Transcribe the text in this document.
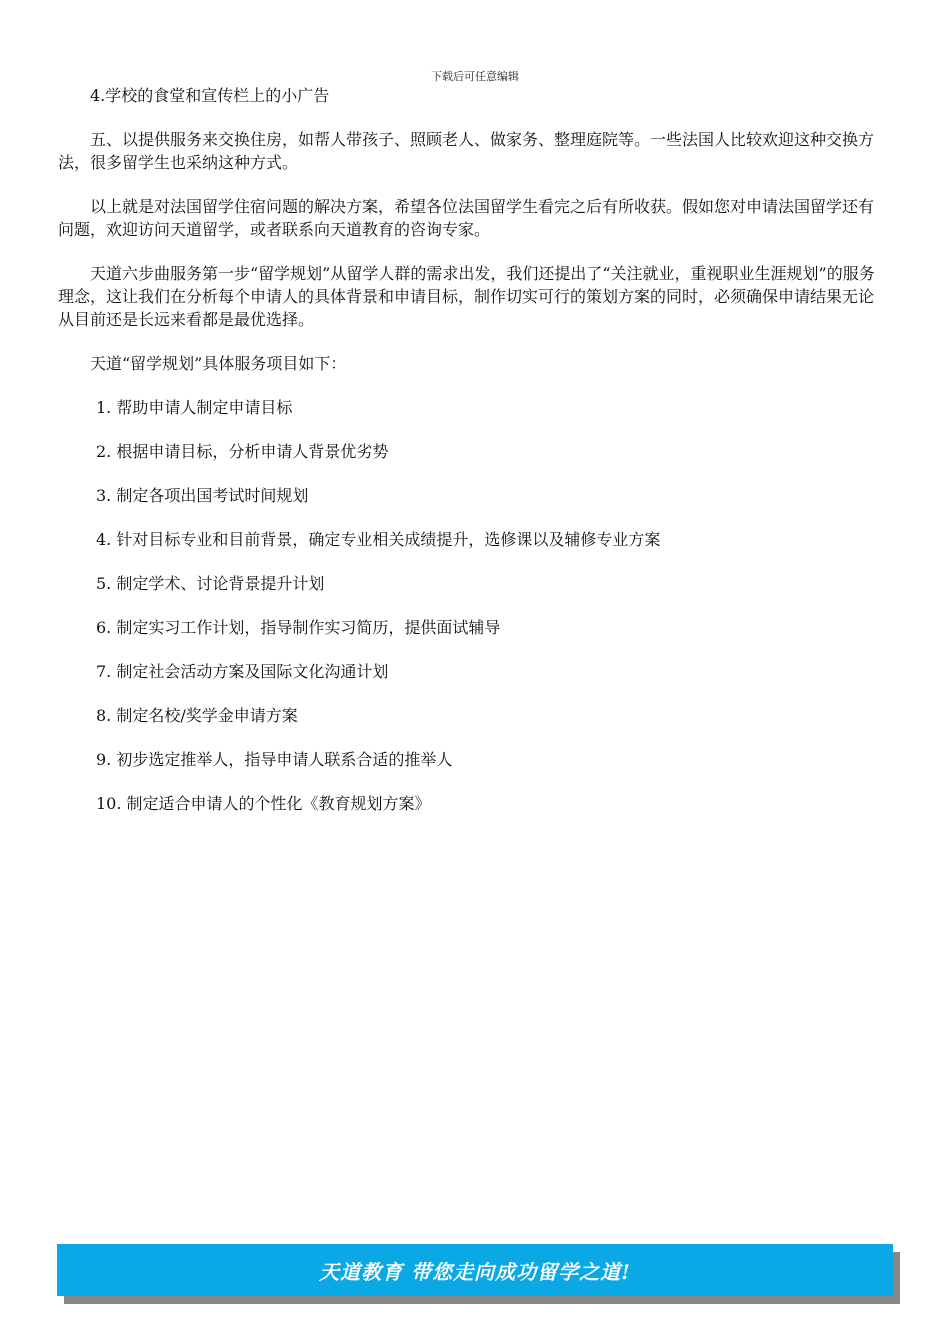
下载后可任意编辑

4.学校的食堂和宣传栏上的小广告

五、以提供服务来交换住房，如帮人带孩子、照顾老人、做家务、整理庭院等。一些法国人比较欢迎这种交换方法，很多留学生也采纳这种方式。

以上就是对法国留学住宿问题的解决方案，希望各位法国留学生看完之后有所收获。假如您对申请法国留学还有问题，欢迎访问天道留学，或者联系向天道教育的咨询专家。

天道六步曲服务第一步“留学规划”从留学人群的需求出发，我们还提出了“关注就业，重视职业生涯规划”的服务理念，这让我们在分析每个申请人的具体背景和申请目标，制作切实可行的策划方案的同时，必须确保申请结果无论从目前还是长远来看都是最优选择。

天道“留学规划”具体服务项目如下：

1. 帮助申请人制定申请目标
2. 根据申请目标，分析申请人背景优劣势
3. 制定各项出国考试时间规划
4. 针对目标专业和目前背景，确定专业相关成绩提升，选修课以及辅修专业方案
5. 制定学术、讨论背景提升计划
6. 制定实习工作计划，指导制作实习简历，提供面试辅导
7. 制定社会活动方案及国际文化沟通计划
8. 制定名校/奖学金申请方案
9. 初步选定推举人，指导申请人联系合适的推举人
10. 制定适合申请人的个性化《教育规划方案》
天道教育 带您走向成功留学之道!
